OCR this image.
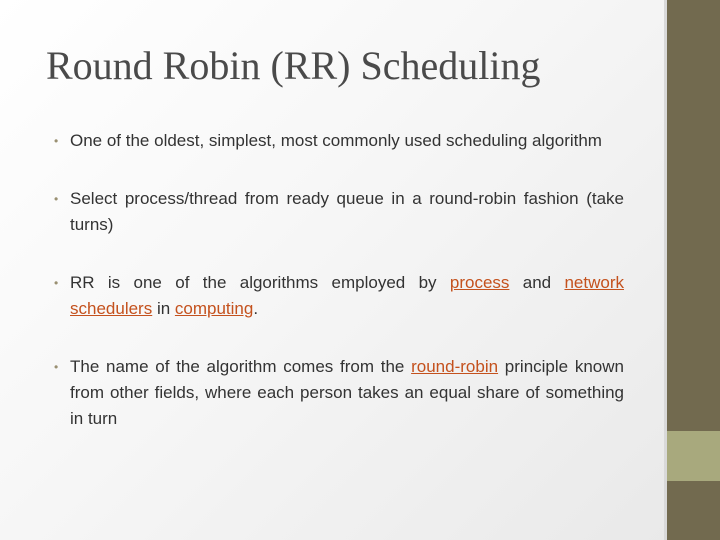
Round Robin (RR) Scheduling
• One of the oldest, simplest, most commonly used scheduling algorithm
• Select process/thread from ready queue in a round-robin fashion (take turns)
• RR is one of the algorithms employed by process and network schedulers in computing.
• The name of the algorithm comes from the round-robin principle known from other fields, where each person takes an equal share of something in turn
